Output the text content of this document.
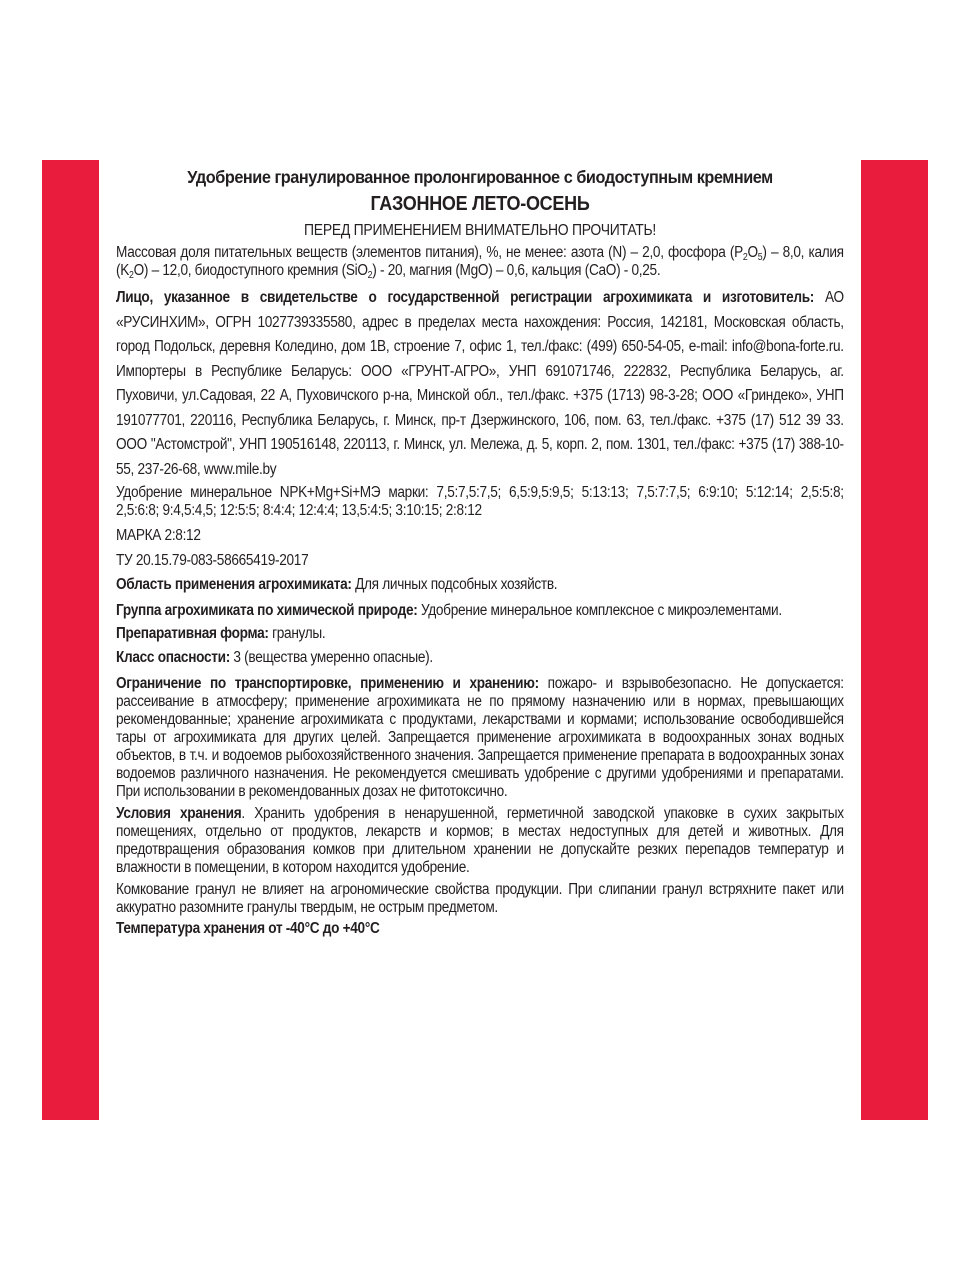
Удобрение гранулированное пролонгированное с биодоступным кремнием
ГАЗОННОЕ ЛЕТО-ОСЕНЬ
ПЕРЕД ПРИМЕНЕНИЕМ ВНИМАТЕЛЬНО ПРОЧИТАТЬ!

Массовая доля питательных веществ (элементов питания), %, не менее: азота (N) – 2,0, фосфора $(P_2O_5) - 8,0$, калия $(K_2O) - 12,0$, биодоступного кремния (SiO$_2$) - 20, магния (MgO) – 0,6, кальция (CaO) - 0,25.

Лицо, указанное в свидетельстве о государственной регистрации агрохимиката и изготовитель: АО «РУСИНХИМ», ОГРН 1027739335580, адрес в пределах места нахождения: Россия, 142181, Московская область, город Подольск, деревня Коледино, дом 1В, строение 7, офис 1, тел./факс: (499) 650-54-05, e-mail: info@bona-forte.ru. Импортеры в Республике Беларусь: ООО «ГРУНТ-АГРО», УНП 691071746, 222832, Республика Беларусь, аг. Пуховичи, ул.Садовая, 22 А, Пуховичского р-на, Минской обл., тел./факс. +375 (1713) 98-3-28; ООО «Гриндеко», УНП 191077701, 220116, Республика Беларусь, г. Минск, пр-т Дзержинского, 106, пом. 63, тел./факс. +375 (17) 512 39 33. ООО "Астомстрой", УНП 190516148, 220113, г. Минск, ул. Мележа, д. 5, корп. 2, пом. 1301, тел./факс: +375 (17) 388-10-55, 237-26-68, www.mile.by

Удобрение минеральное NPK+Mg+Si+МЭ марки: 7,5:7,5:7,5; 6,5:9,5:9,5; 5:13:13; 7,5:7:7,5; 6:9:10; 5:12:14; 2,5:5:8; 2,5:6:8; 9:4,5:4,5; 12:5:5; 8:4:4; 12:4:4; 13,5:4:5; 3:10:15; 2:8:12

МАРКА 2:8:12

ТУ 20.15.79-083-58665419-2017

Область применения агрохимиката: Для личных подсобных хозяйств.

Группа агрохимиката по химической природе: Удобрение минеральное комплексное с микроэлементами.

Препаративная форма: гранулы.

Класс опасности: 3 (вещества умеренно опасные).

Ограничение по транспортировке, применению и хранению: пожаро- и взрывобезопасно. Не допускается: рассеивание в атмосферу; применение агрохимиката не по прямому назначению или в нормах, превышающих рекомендованные; хранение агрохимиката с продуктами, лекарствами и кормами; использование освободившейся тары от агрохимиката для других целей. Запрещается применение агрохимиката в водоохранных зонах водных объектов, в т.ч. и водоемов рыбохозяйственного значения. Запрещается применение препарата в водоохранных зонах водоемов различного назначения. Не рекомендуется смешивать удобрение с другими удобрениями и препаратами. При использовании в рекомендованных дозах не фитотоксично.

Условия хранения. Хранить удобрения в ненарушенной, герметичной заводской упаковке в сухих закрытых помещениях, отдельно от продуктов, лекарств и кормов; в местах недоступных для детей и животных. Для предотвращения образования комков при длительном хранении не допускайте резких перепадов температур и влажности в помещении, в котором находится удобрение.

Комкование гранул не влияет на агрономические свойства продукции. При слипании гранул встряхните пакет или аккуратно разомните гранулы твердым, не острым предметом.

Температура хранения от -40°С до +40°С
